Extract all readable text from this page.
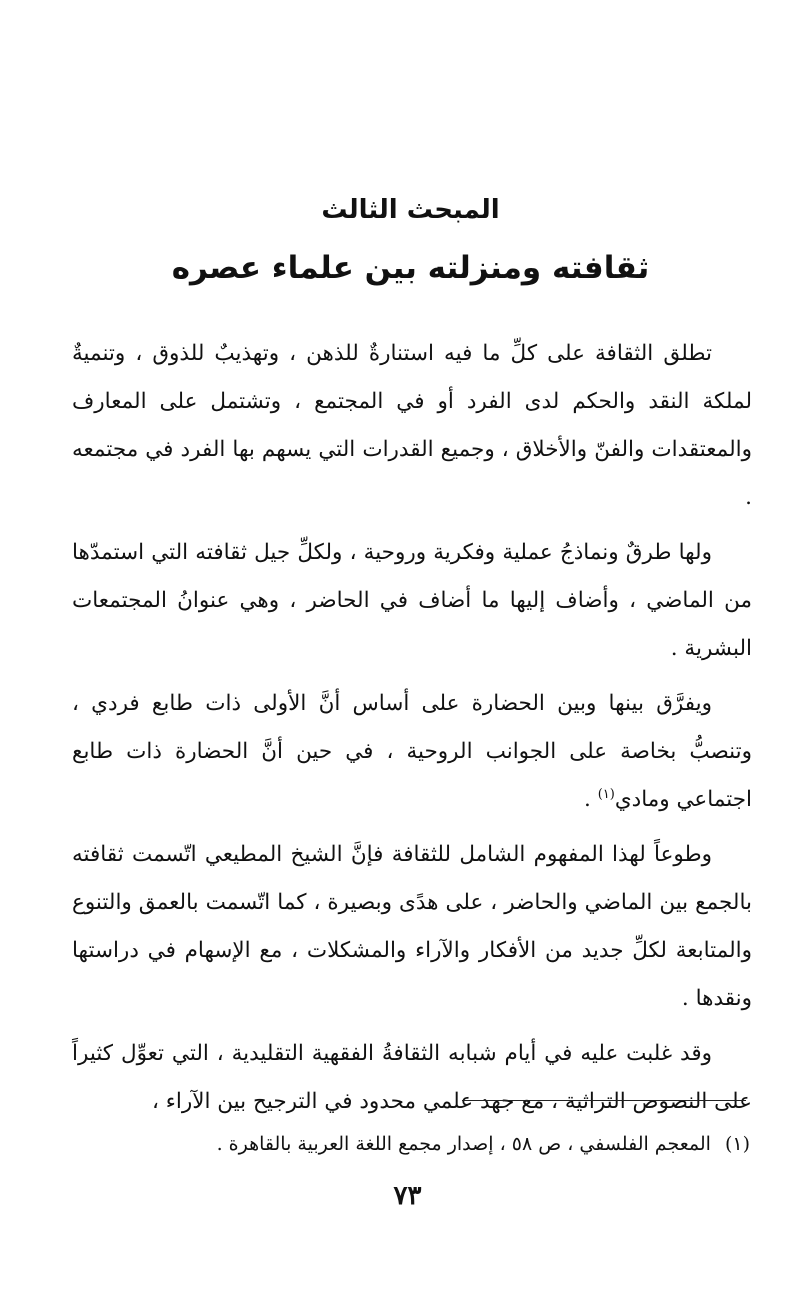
المبحث الثالث
ثقافته ومنزلته بين علماء عصره

تطلق الثقافة على كلِّ ما فيه استنارةٌ للذهن ، وتهذيبٌ للذوق ، وتنميةٌ لملكة النقد والحكم لدى الفرد أو في المجتمع ، وتشتمل على المعارف والمعتقدات والفنّ والأخلاق ، وجميع القدرات التي يسهم بها الفرد في مجتمعه .

ولها طرقٌ ونماذجُ عملية وفكرية وروحية ، ولكلِّ جيل ثقافته التي استمدّها من الماضي ، وأضاف إليها ما أضاف في الحاضر ، وهي عنوانُ المجتمعات البشرية .

ويفرَّق بينها وبين الحضارة على أساس أنَّ الأولى ذات طابع فردي ، وتنصبُّ بخاصة على الجوانب الروحية ، في حين أنَّ الحضارة ذات طابع اجتماعي ومادي$^{(١)}$ .

وطوعاً لهذا المفهوم الشامل للثقافة فإنَّ الشيخ المطيعي اتّسمت ثقافته بالجمع بين الماضي والحاضر ، على هدًى وبصيرة ، كما اتّسمت بالعمق والتنوع والمتابعة لكلِّ جديد من الأفكار والآراء والمشكلات ، مع الإسهام في دراستها ونقدها .

وقد غلبت عليه في أيام شبابه الثقافةُ الفقهية التقليدية ، التي تعوِّل كثيراً على النصوص التراثية ، مع جهد علمي محدود في الترجيح بين الآراء ،

(١)المعجم الفلسفي ، ص ٥٨ ، إصدار مجمع اللغة العربية بالقاهرة .

٧٣
